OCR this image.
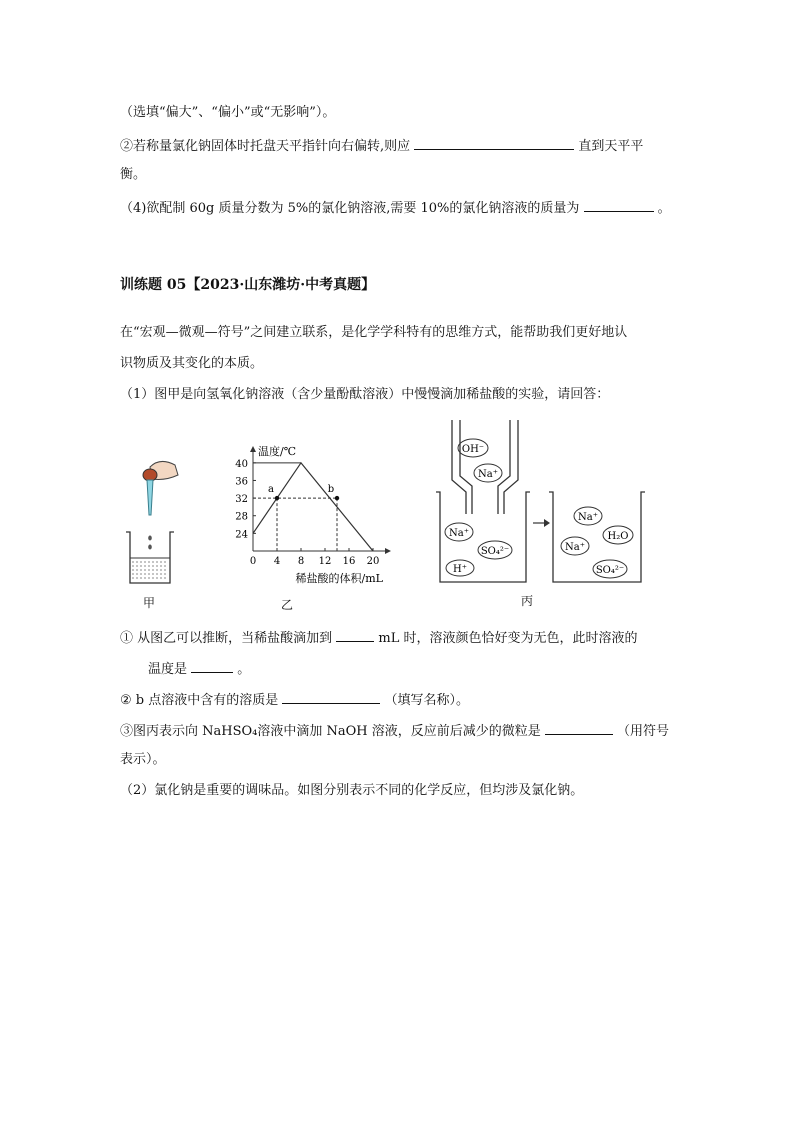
（选填“偏大”、“偏小”或“无影响”）。
②若称量氯化钠固体时托盘天平指针向右偏转,则应	直到天平平
衡。
（4)欲配制 60g 质量分数为 5%的氯化钠溶液,需要 10%的氯化钠溶液的质量为	。
训练题 05【2023·山东潍坊·中考真题】
在“宏观—微观—符号”之间建立联系，是化学学科特有的思维方式，能帮助我们更好地认
识物质及其变化的本质。
（1）图甲是向氢氧化钠溶液（含少量酚酞溶液）中慢慢滴加稀盐酸的实验，请回答：
甲
0 4 8 12 16 20
24
28
32
36
40
温度/℃
稀盐酸的体积/mL
a	b
乙
OH⁻
Na⁺
Na⁺
SO₄²⁻
H⁺
Na⁺
H₂O
Na⁺
SO₄²⁻
丙
① 从图乙可以推断，当稀盐酸滴加到	mL 时，溶液颜色恰好变为无色，此时溶液的
温度是	。
② b 点溶液中含有的溶质是	（填写名称）。
③图丙表示向 NaHSO₄溶液中滴加 NaOH 溶液，反应前后减少的微粒是	（用符号
表示）。
（2）氯化钠是重要的调味品。如图分别表示不同的化学反应，但均涉及氯化钠。
